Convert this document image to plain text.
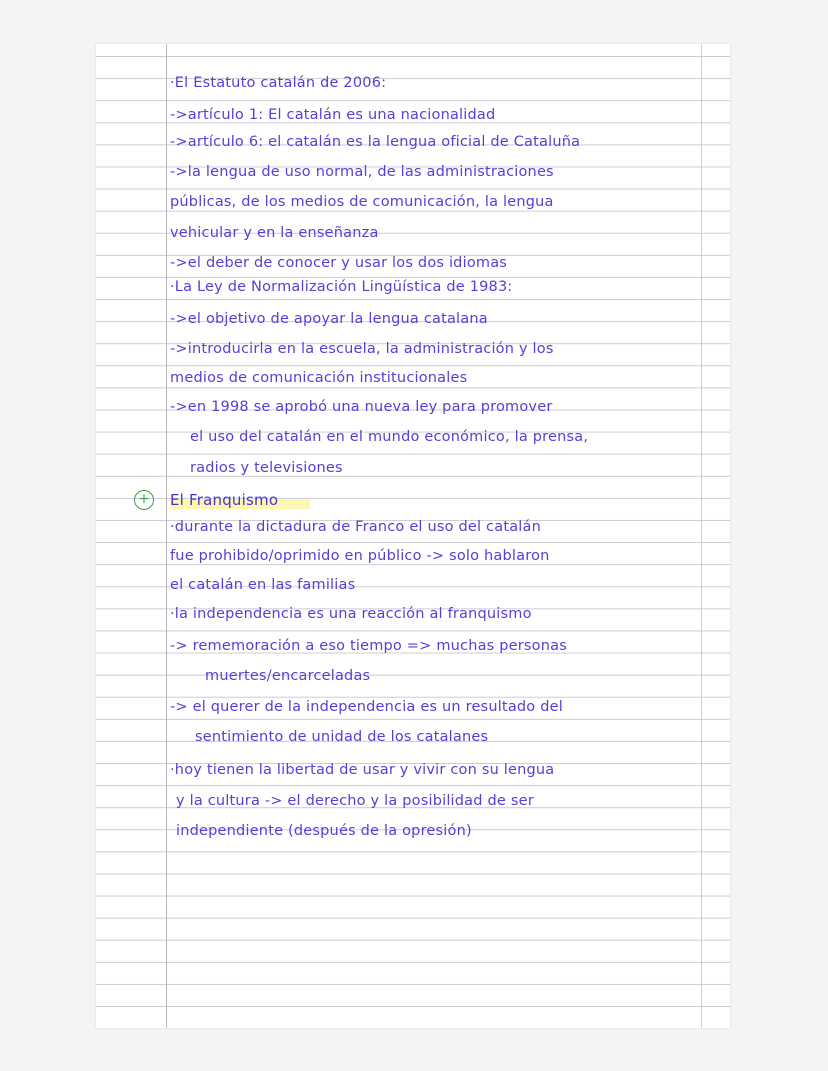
+
·El Estatuto catalán de 2006:
->artículo 1: El catalán es una nacionalidad
->artículo 6: el catalán es la lengua oficial de Cataluña
->la lengua de uso normal, de las administraciones
públicas, de los medios de comunicación, la lengua
vehicular y en la enseñanza
->el deber de conocer y usar los dos idiomas
·La Ley de Normalización Lingüística de 1983:
->el objetivo de apoyar la lengua catalana
->introducirla en la escuela, la administración y los
medios de comunicación institucionales
->en 1998 se aprobó una nueva ley para promover
el uso del catalán en el mundo económico, la prensa,
radios y televisiones
El Franquismo
·durante la dictadura de Franco el uso del catalán
fue prohibido/oprimido en público -> solo hablaron
el catalán en las familias
·la independencia es una reacción al franquismo
-> rememoración a eso tiempo => muchas personas
muertes/encarceladas
-> el querer de la independencia es un resultado del
sentimiento de unidad de los catalanes
·hoy tienen la libertad de usar y vivir con su lengua
y la cultura -> el derecho y la posibilidad de ser
independiente (después de la opresión)
